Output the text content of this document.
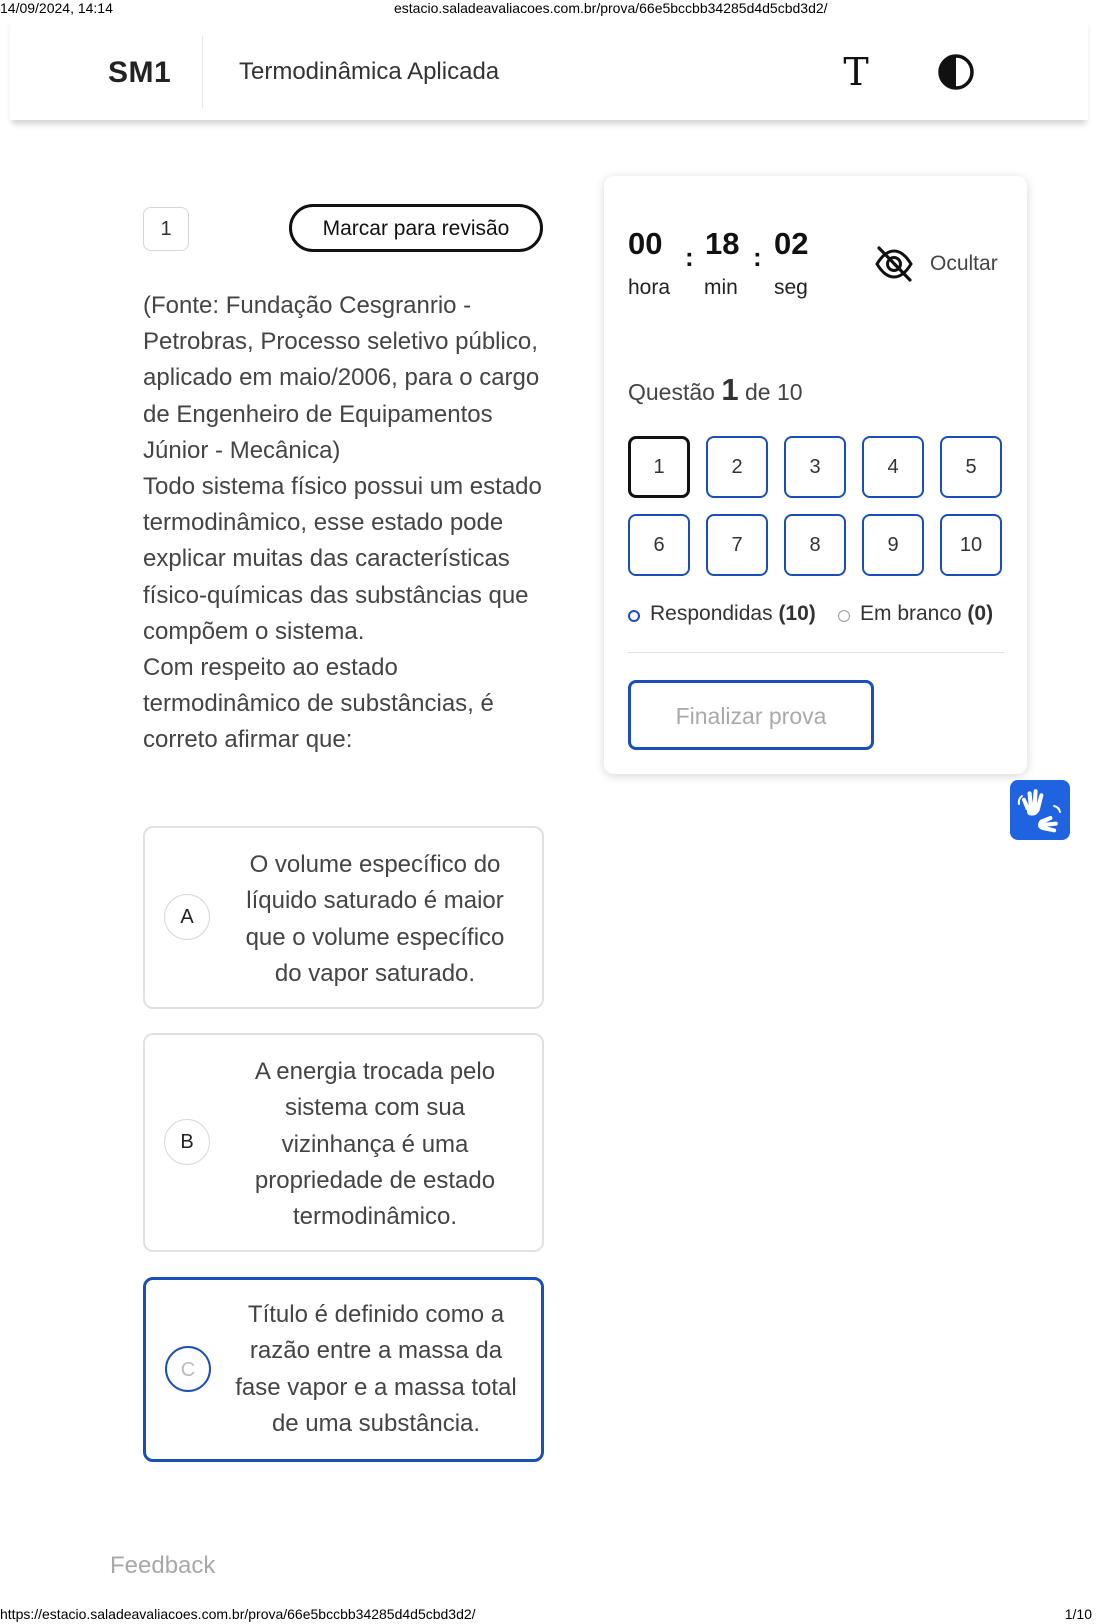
14/09/2024, 14:14	estacio.saladeavaliacoes.com.br/prova/66e5bccbb34285d4d5cbd3d2/
SM1	Termodinâmica Aplicada	T
1	Marcar para revisão

(Fonte: Fundação Cesgranrio - Petrobras, Processo seletivo público, aplicado em maio/2006, para o cargo de Engenheiro de Equipamentos Júnior - Mecânica)

Todo sistema físico possui um estado termodinâmico, esse estado pode explicar muitas das características físico-químicas das substâncias que compõem o sistema.

Com respeito ao estado termodinâmico de substâncias, é correto afirmar que:

A
O volume específico do líquido saturado é maior que o volume específico do vapor saturado.
B
A energia trocada pelo sistema com sua vizinhança é uma propriedade de estado termodinâmico.
C
Título é definido como a razão entre a massa da fase vapor e a massa total de uma substância.
Feedback
00 : 18 : 02
hora min seg
Ocultar
Questão 1 de 10
1	2	3	4	5
6	7	8	9	10
Respondidas (10) Em branco (0)
Finalizar prova
https://estacio.saladeavaliacoes.com.br/prova/66e5bccbb34285d4d5cbd3d2/	1/10
